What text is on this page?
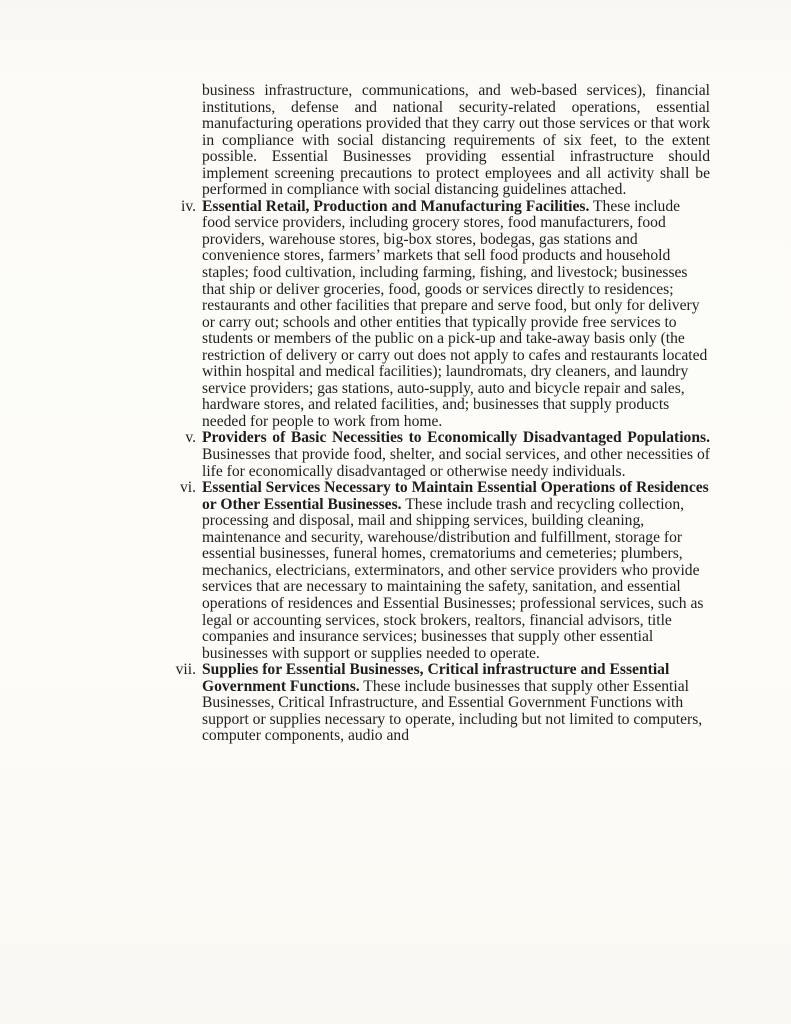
business infrastructure, communications, and web-based services), financial institutions, defense and national security-related operations, essential manufacturing operations provided that they carry out those services or that work in compliance with social distancing requirements of six feet, to the extent possible. Essential Businesses providing essential infrastructure should implement screening precautions to protect employees and all activity shall be performed in compliance with social distancing guidelines attached.

iv. Essential Retail, Production and Manufacturing Facilities. These include food service providers, including grocery stores, food manufacturers, food providers, warehouse stores, big-box stores, bodegas, gas stations and convenience stores, farmers’ markets that sell food products and household staples; food cultivation, including farming, fishing, and livestock; businesses that ship or deliver groceries, food, goods or services directly to residences; restaurants and other facilities that prepare and serve food, but only for delivery or carry out; schools and other entities that typically provide free services to students or members of the public on a pick-up and take-away basis only (the restriction of delivery or carry out does not apply to cafes and restaurants located within hospital and medical facilities); laundromats, dry cleaners, and laundry service providers; gas stations, auto-supply, auto and bicycle repair and sales, hardware stores, and related facilities, and; businesses that supply products needed for people to work from home.

v. Providers of Basic Necessities to Economically Disadvantaged Populations. Businesses that provide food, shelter, and social services, and other necessities of life for economically disadvantaged or otherwise needy individuals.

vi. Essential Services Necessary to Maintain Essential Operations of Residences or Other Essential Businesses. These include trash and recycling collection, processing and disposal, mail and shipping services, building cleaning, maintenance and security, warehouse/distribution and fulfillment, storage for essential businesses, funeral homes, crematoriums and cemeteries; plumbers, mechanics, electricians, exterminators, and other service providers who provide services that are necessary to maintaining the safety, sanitation, and essential operations of residences and Essential Businesses; professional services, such as legal or accounting services, stock brokers, realtors, financial advisors, title companies and insurance services; businesses that supply other essential businesses with support or supplies needed to operate.

vii. Supplies for Essential Businesses, Critical infrastructure and Essential Government Functions. These include businesses that supply other Essential Businesses, Critical Infrastructure, and Essential Government Functions with support or supplies necessary to operate, including but not limited to computers, computer components, audio and
